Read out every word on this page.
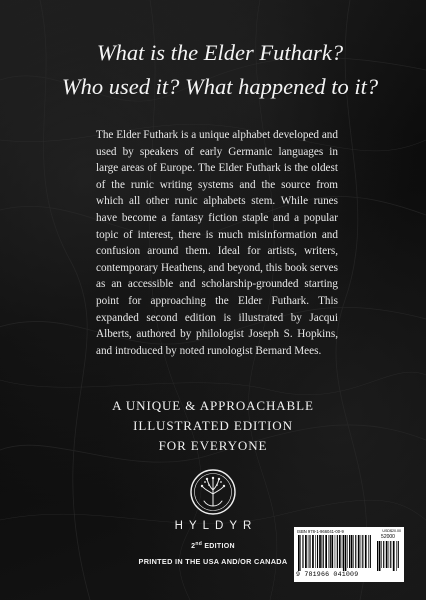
What is the Elder Futhark?
Who used it? What happened to it?

The Elder Futhark is a unique alphabet developed and used by speakers of early Germanic languages in large areas of Europe. The Elder Futhark is the oldest of the runic writing systems and the source from which all other runic alphabets stem. While runes have become a fantasy fiction staple and a popular topic of interest, there is much misinformation and confusion around them. Ideal for artists, writers, contemporary Heathens, and beyond, this book serves as an accessible and scholarship-grounded starting point for approaching the Elder Futhark. This expanded second edition is illustrated by Jacqui Alberts, authored by philologist Joseph S. Hopkins, and introduced by noted runologist Bernard Mees.

A UNIQUE & APPROACHABLE
ILLUSTRATED EDITION
FOR EVERYONE
HYLDYR
2nd EDITION
PRINTED IN THE USA AND/OR CANADA
ISBN 978-1-966041-00-9	USD$20.00
52000
9 781966 041009
